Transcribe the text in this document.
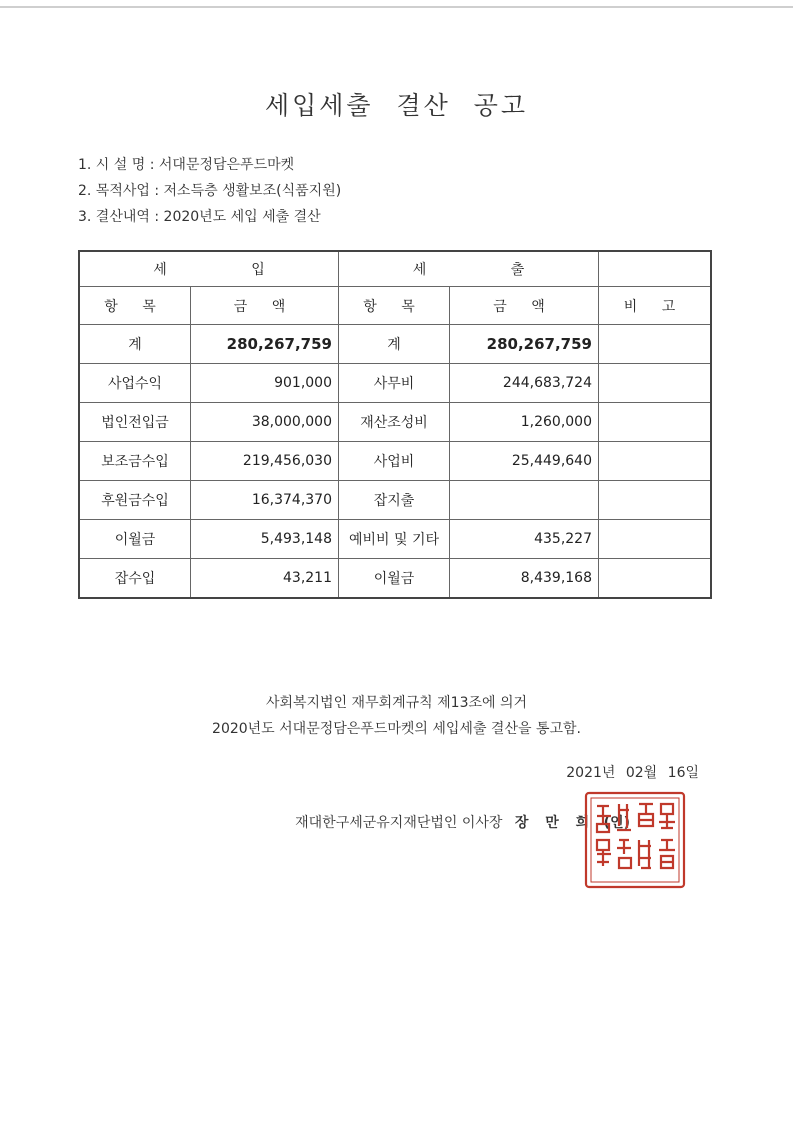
세입세출 결산 공고
1. 시 설 명 : 서대문정담은푸드마켓
2. 목적사업 : 저소득층 생활보조(식품지원)
3. 결산내역 : 2020년도 세입 세출 결산
세 입		세 출		
항 목	금 액	항 목	금 액	비 고
계	280,267,759	계	280,267,759	
사업수익	901,000	사무비	244,683,724	
법인전입금	38,000,000	재산조성비	1,260,000	
보조금수입	219,456,030	사업비	25,449,640	
후원금수입	16,374,370	잡지출		
이월금	5,493,148	예비비 및 기타	435,227	
잡수입	43,211	이월금	8,439,168	
사회복지법인 재무회계규칙 제13조에 의거
2020년도 서대문정담은푸드마켓의 세입세출 결산을 통고함.
2021년 02월 16일
재대한구세군유지재단법인 이사장 장 만 희 (인)
